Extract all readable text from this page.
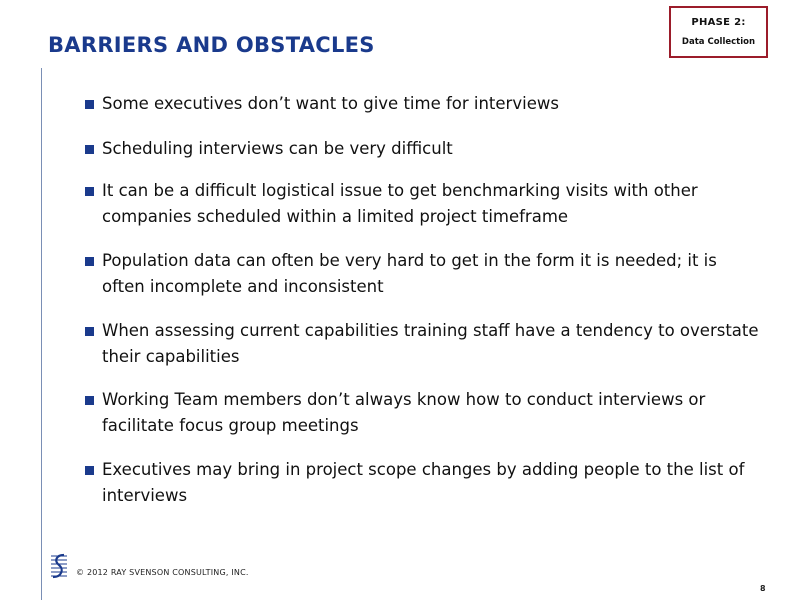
BARRIERS AND OBSTACLES
PHASE 2:
Data Collection
Some executives don’t want to give time for interviews
Scheduling interviews can be very difficult
It can be a difficult logistical issue to get benchmarking visits with other companies scheduled within a limited project timeframe
Population data can often be very hard to get in the form it is needed; it is often incomplete and inconsistent
When assessing current capabilities training staff have a tendency to overstate their capabilities
Working Team members don’t always know how to conduct interviews or facilitate focus group meetings
Executives may bring in project scope changes by adding people to the list of interviews
© 2012 RAY SVENSON CONSULTING, INC.
8
